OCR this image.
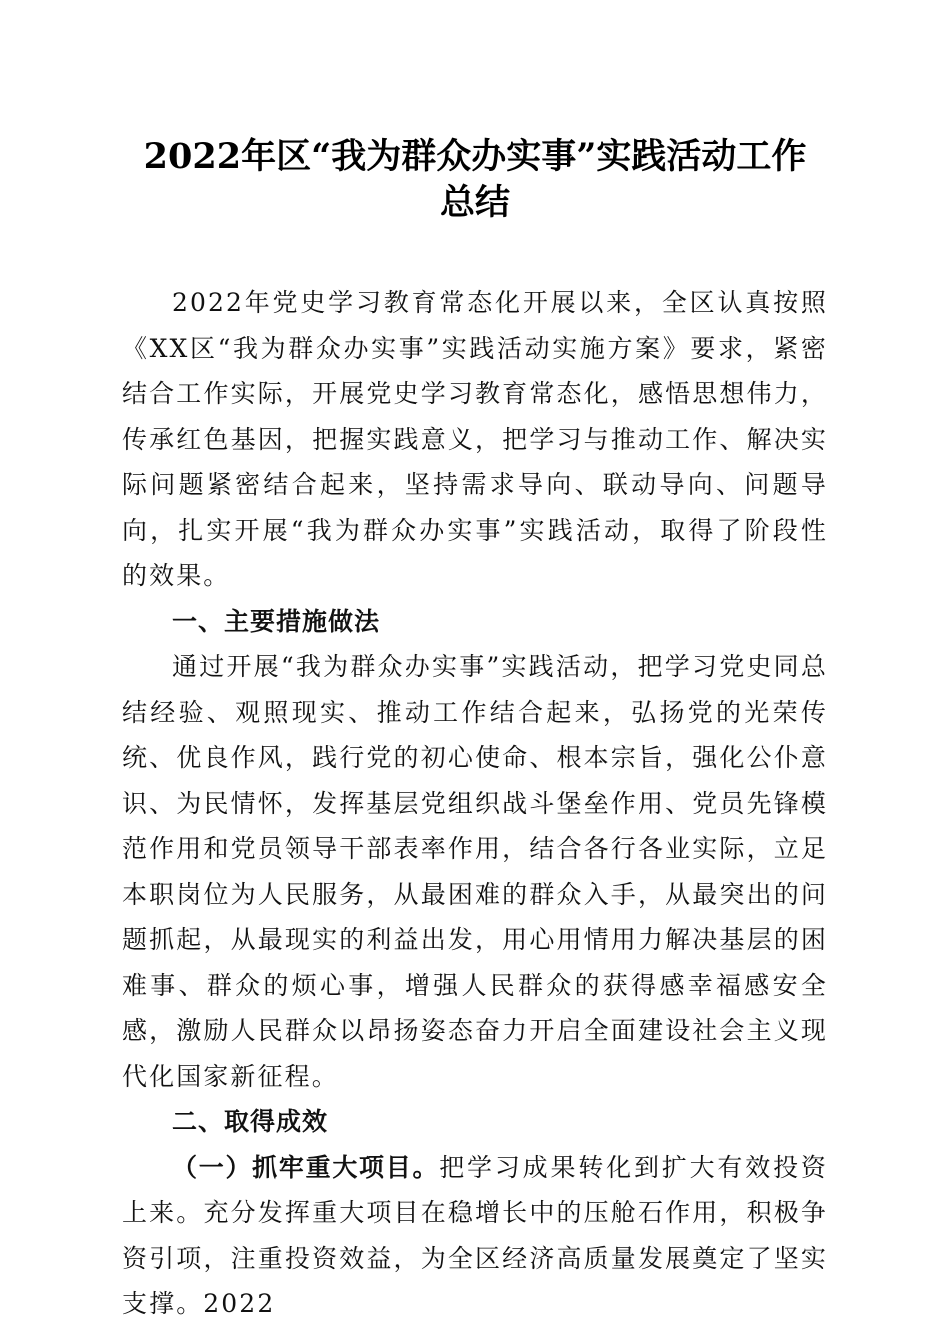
2022年区“我为群众办实事”实践活动工作
总结

2022年党史学习教育常态化开展以来，全区认真按照《XX区“我为群众办实事”实践活动实施方案》要求，紧密结合工作实际，开展党史学习教育常态化，感悟思想伟力，传承红色基因，把握实践意义，把学习与推动工作、解决实际问题紧密结合起来，坚持需求导向、联动导向、问题导向，扎实开展“我为群众办实事”实践活动，取得了阶段性的效果。

一、主要措施做法

通过开展“我为群众办实事”实践活动，把学习党史同总结经验、观照现实、推动工作结合起来，弘扬党的光荣传统、优良作风，践行党的初心使命、根本宗旨，强化公仆意识、为民情怀，发挥基层党组织战斗堡垒作用、党员先锋模范作用和党员领导干部表率作用，结合各行各业实际，立足本职岗位为人民服务，从最困难的群众入手，从最突出的问题抓起，从最现实的利益出发，用心用情用力解决基层的困难事、群众的烦心事，增强人民群众的获得感幸福感安全感，激励人民群众以昂扬姿态奋力开启全面建设社会主义现代化国家新征程。

二、取得成效

（一）抓牢重大项目。把学习成果转化到扩大有效投资上来。充分发挥重大项目在稳增长中的压舱石作用，积极争资引项，注重投资效益，为全区经济高质量发展奠定了坚实支撑。2022
